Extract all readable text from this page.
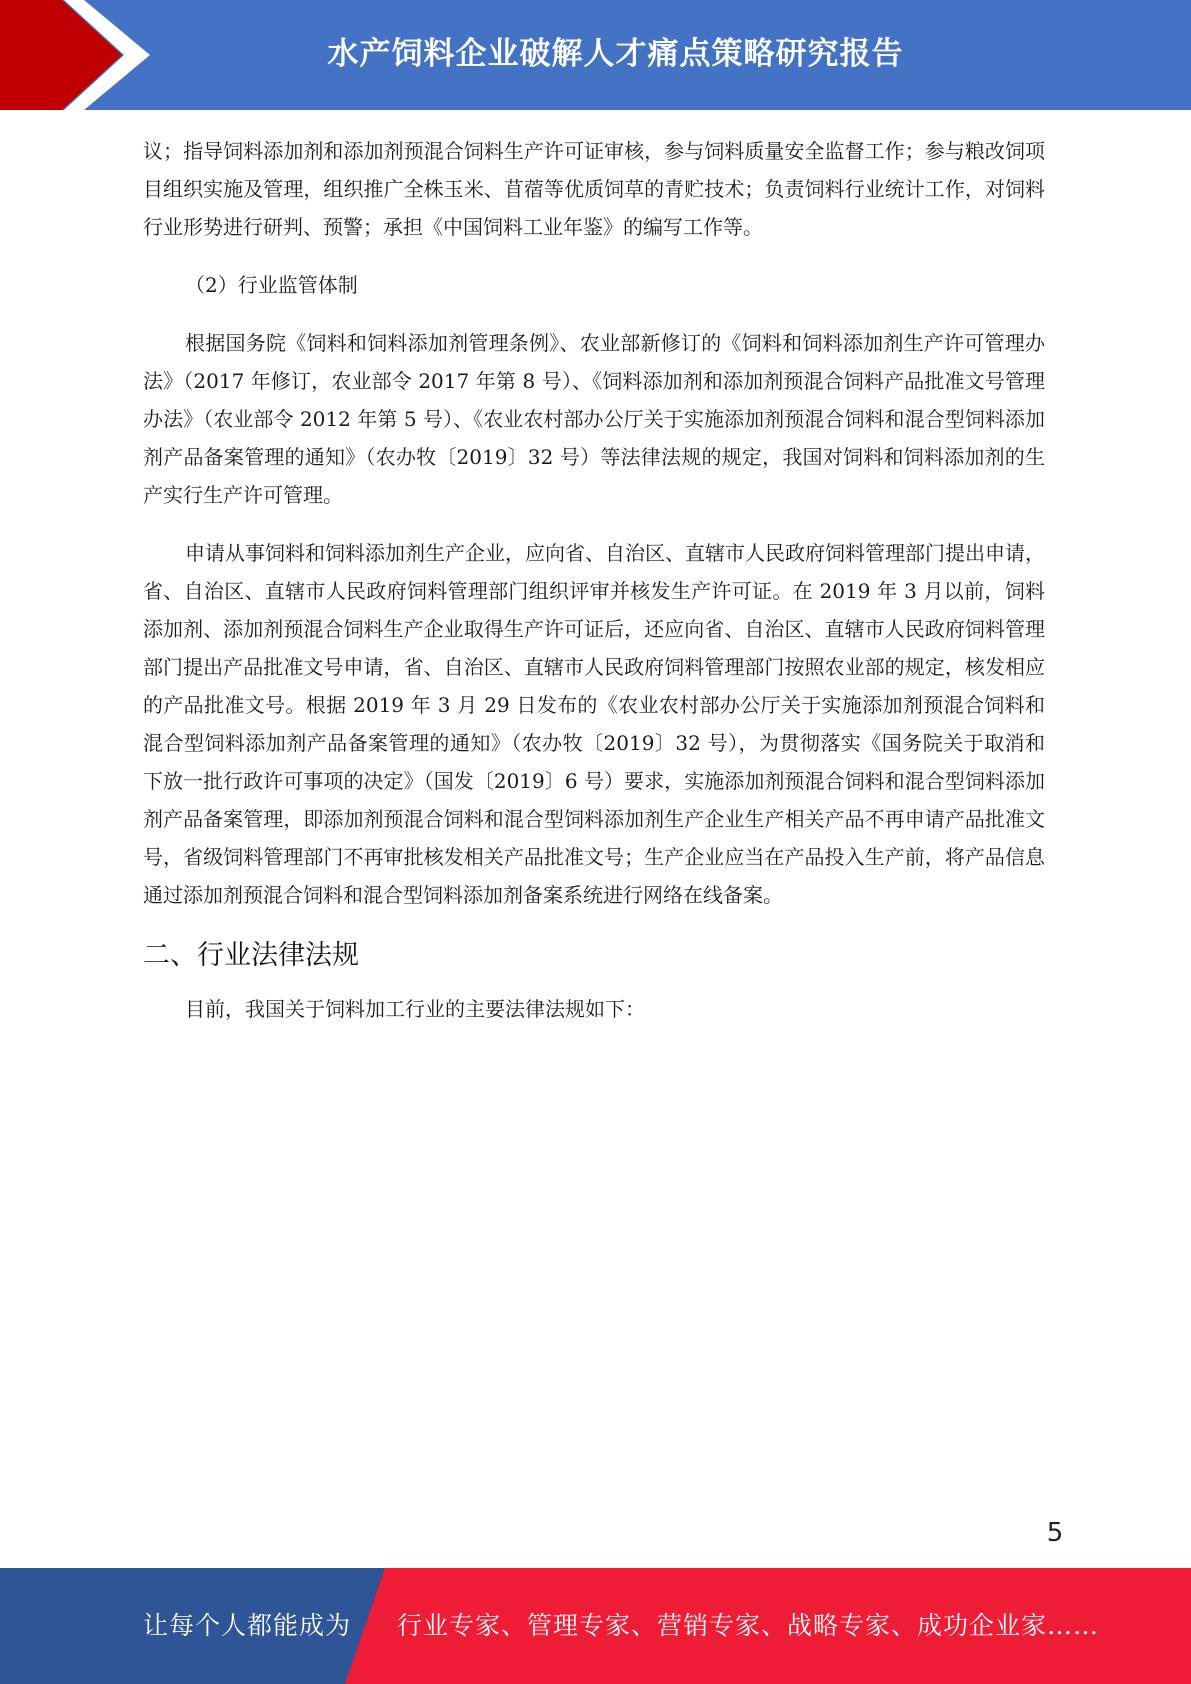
水产饲料企业破解人才痛点策略研究报告

议；指导饲料添加剂和添加剂预混合饲料生产许可证审核，参与饲料质量安全监督工作；参与粮改饲项目组织实施及管理，组织推广全株玉米、苜蓿等优质饲草的青贮技术；负责饲料行业统计工作，对饲料行业形势进行研判、预警；承担《中国饲料工业年鉴》的编写工作等。

（2）行业监管体制

根据国务院《饲料和饲料添加剂管理条例》、农业部新修订的《饲料和饲料添加剂生产许可管理办法》（2017 年修订，农业部令 2017 年第 8 号）、《饲料添加剂和添加剂预混合饲料产品批准文号管理办法》（农业部令 2012 年第 5 号）、《农业农村部办公厅关于实施添加剂预混合饲料和混合型饲料添加剂产品备案管理的通知》（农办牧〔2019〕32 号）等法律法规的规定，我国对饲料和饲料添加剂的生产实行生产许可管理。

申请从事饲料和饲料添加剂生产企业，应向省、自治区、直辖市人民政府饲料管理部门提出申请，省、自治区、直辖市人民政府饲料管理部门组织评审并核发生产许可证。在 2019 年 3 月以前，饲料添加剂、添加剂预混合饲料生产企业取得生产许可证后，还应向省、自治区、直辖市人民政府饲料管理部门提出产品批准文号申请，省、自治区、直辖市人民政府饲料管理部门按照农业部的规定，核发相应的产品批准文号。根据 2019 年 3 月 29 日发布的《农业农村部办公厅关于实施添加剂预混合饲料和混合型饲料添加剂产品备案管理的通知》（农办牧〔2019〕32 号），为贯彻落实《国务院关于取消和下放一批行政许可事项的决定》（国发〔2019〕6 号）要求，实施添加剂预混合饲料和混合型饲料添加剂产品备案管理，即添加剂预混合饲料和混合型饲料添加剂生产企业生产相关产品不再申请产品批准文号，省级饲料管理部门不再审批核发相关产品批准文号；生产企业应当在产品投入生产前，将产品信息通过添加剂预混合饲料和混合型饲料添加剂备案系统进行网络在线备案。

二、行业法律法规

目前，我国关于饲料加工行业的主要法律法规如下：

5
让每个人都能成为 行业专家、管理专家、营销专家、战略专家、成功企业家……
